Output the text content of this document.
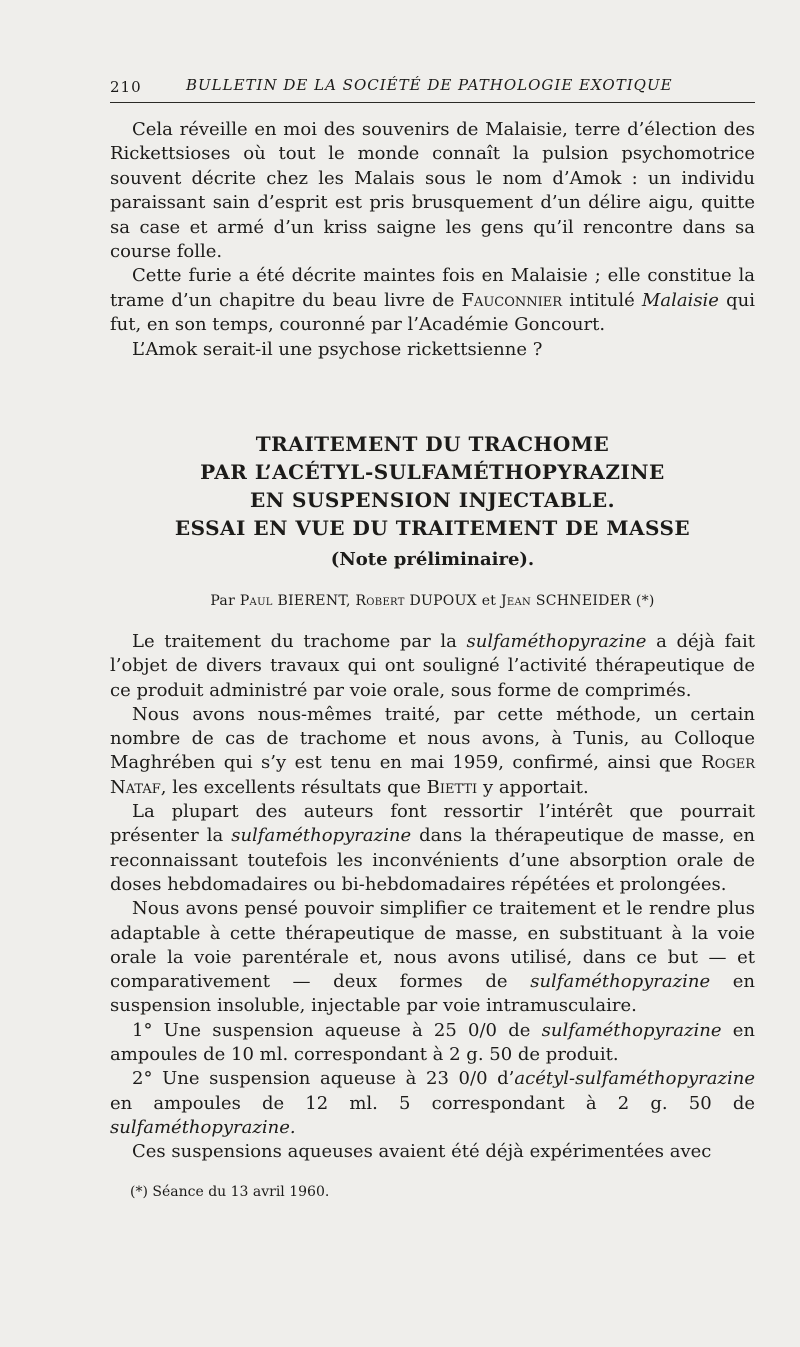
210	BULLETIN DE LA SOCIÉTÉ DE PATHOLOGIE EXOTIQUE

Cela réveille en moi des souvenirs de Malaisie, terre d’élection des Rickettsioses où tout le monde connaît la pulsion psychomotrice souvent décrite chez les Malais sous le nom d’Amok : un individu paraissant sain d’esprit est pris brusquement d’un délire aigu, quitte sa case et armé d’un kriss saigne les gens qu’il rencontre dans sa course folle.

Cette furie a été décrite maintes fois en Malaisie ; elle constitue la trame d’un chapitre du beau livre de Fauconnier intitulé Malaisie qui fut, en son temps, couronné par l’Académie Goncourt.

L’Amok serait-il une psychose rickettsienne ?

TRAITEMENT DU TRACHOME
PAR L’ACÉTYL-SULFAMÉTHOPYRAZINE
EN SUSPENSION INJECTABLE.
ESSAI EN VUE DU TRAITEMENT DE MASSE
(Note préliminaire).
Par Paul BIERENT, Robert DUPOUX et Jean SCHNEIDER (*)

Le traitement du trachome par la sulfaméthopyrazine a déjà fait l’objet de divers travaux qui ont souligné l’activité thérapeutique de ce produit administré par voie orale, sous forme de comprimés.

Nous avons nous-mêmes traité, par cette méthode, un certain nombre de cas de trachome et nous avons, à Tunis, au Colloque Maghrében qui s’y est tenu en mai 1959, confirmé, ainsi que Roger Nataf, les excellents résultats que Bietti y apportait.

La plupart des auteurs font ressortir l’intérêt que pourrait présenter la sulfaméthopyrazine dans la thérapeutique de masse, en reconnaissant toutefois les inconvénients d’une absorption orale de doses hebdomadaires ou bi-hebdomadaires répétées et prolongées.

Nous avons pensé pouvoir simplifier ce traitement et le rendre plus adaptable à cette thérapeutique de masse, en substituant à la voie orale la voie parentérale et, nous avons utilisé, dans ce but — et comparativement — deux formes de sulfaméthopyrazine en suspension insoluble, injectable par voie intramusculaire.

1° Une suspension aqueuse à 25 0/0 de sulfaméthopyrazine en ampoules de 10 ml. correspondant à 2 g. 50 de produit.

2° Une suspension aqueuse à 23 0/0 d’acétyl-sulfaméthopyrazine en ampoules de 12 ml. 5 correspondant à 2 g. 50 de sulfaméthopyrazine.

Ces suspensions aqueuses avaient été déjà expérimentées avec

(*) Séance du 13 avril 1960.
